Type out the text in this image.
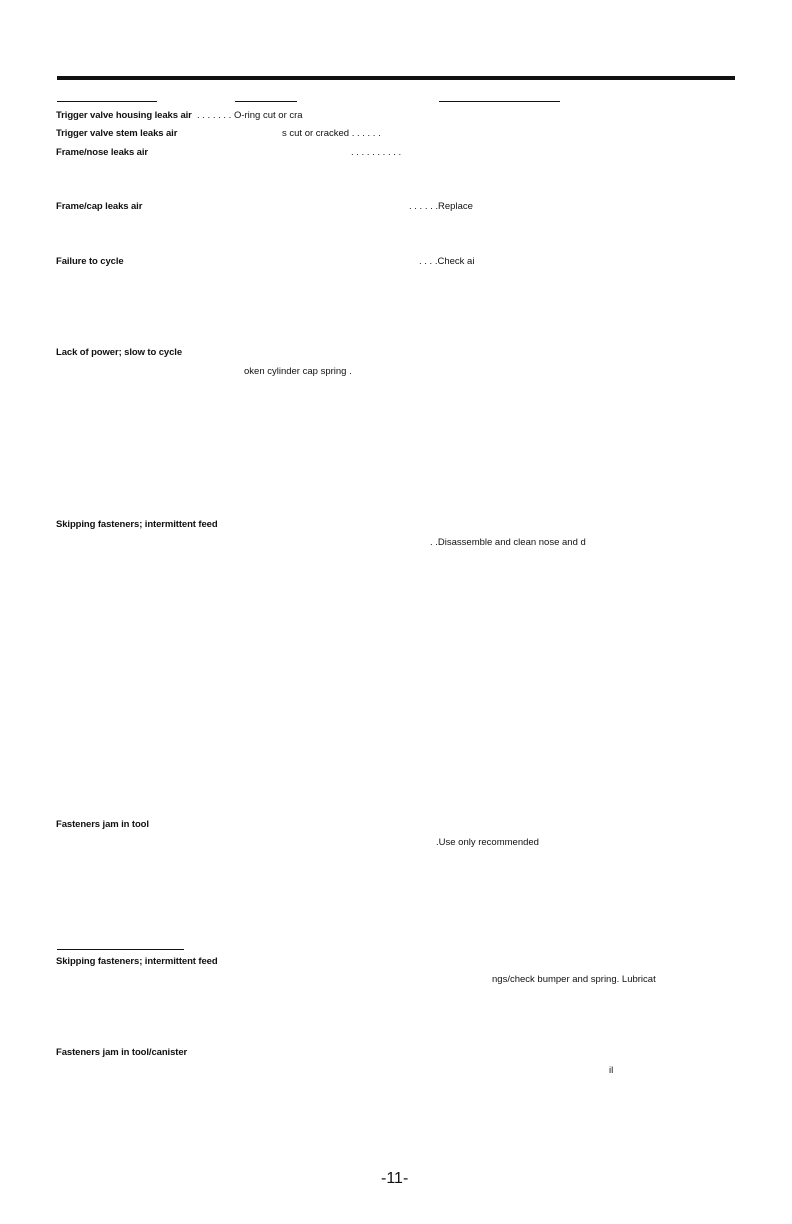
Trigger valve housing leaks air . . . . . . . O-ring cut or cra
Trigger valve stem leaks air	s cut or cracked . . . . . .
Frame/nose leaks air	. . . . . . . . . .
Frame/cap leaks air	. . . . . .Replace
Failure to cycle	. . . .Check ai
Lack of power; slow to cycle
oken cylinder cap spring .
Skipping fasteners; intermittent feed
. .Disassemble and clean nose and d
Fasteners jam in tool
.Use only recommended
Skipping fasteners; intermittent feed
ngs/check bumper and spring. Lubricat
Fasteners jam in tool/canister
il
-11-
